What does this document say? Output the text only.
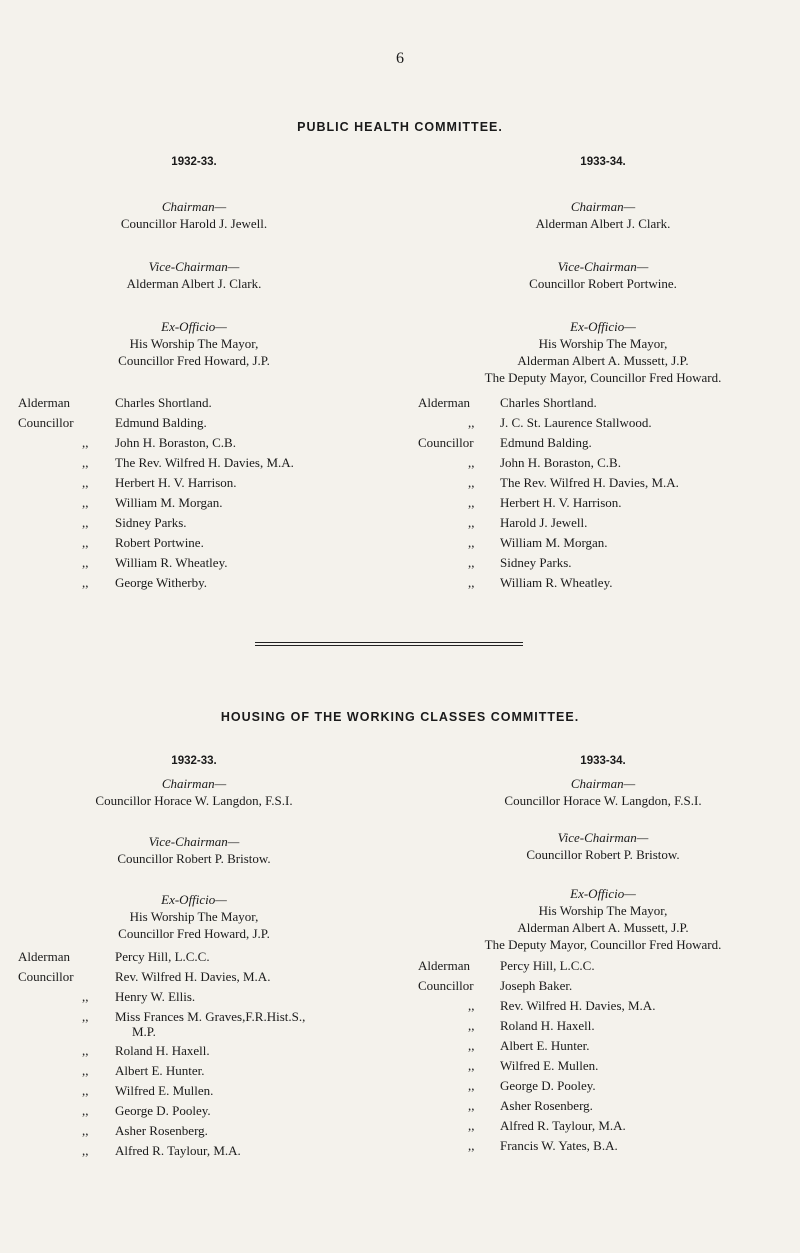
6
PUBLIC HEALTH COMMITTEE.
1932-33.
Chairman—
Councillor Harold J. Jewell.
Vice-Chairman—
Alderman Albert J. Clark.
Ex-Officio—
His Worship The Mayor,
Councillor Fred Howard, J.P.
Alderman	Charles Shortland.
Councillor	Edmund Balding.
,,	John H. Boraston, C.B.
,,	The Rev. Wilfred H. Davies, M.A.
,,	Herbert H. V. Harrison.
,,	William M. Morgan.
,,	Sidney Parks.
,,	Robert Portwine.
,,	William R. Wheatley.
,,	George Witherby.
1933-34.
Chairman—
Alderman Albert J. Clark.
Vice-Chairman—
Councillor Robert Portwine.
Ex-Officio—
His Worship The Mayor,
Alderman Albert A. Mussett, J.P.
The Deputy Mayor, Councillor Fred Howard.
Alderman Charles Shortland.
,,	J. C. St. Laurence Stallwood.
Councillor Edmund Balding.
,,	John H. Boraston, C.B.
,,	The Rev. Wilfred H. Davies, M.A.
,,	Herbert H. V. Harrison.
,,	Harold J. Jewell.
,,	William M. Morgan.
,,	Sidney Parks.
,,	William R. Wheatley.
HOUSING OF THE WORKING CLASSES COMMITTEE.
1932-33.
Chairman—
Councillor Horace W. Langdon, F.S.I.
Vice-Chairman—
Councillor Robert P. Bristow.
Ex-Officio—
His Worship The Mayor,
Councillor Fred Howard, J.P.
Alderman	Percy Hill, L.C.C.
Councillor	Rev. Wilfred H. Davies, M.A.
,,	Henry W. Ellis.
,,	Miss Frances M. Graves,F.R.Hist.S.,
M.P.
,,	Roland H. Haxell.
,,	Albert E. Hunter.
,,	Wilfred E. Mullen.
,,	George D. Pooley.
,,	Asher Rosenberg.
,,	Alfred R. Taylour, M.A.
1933-34.
Chairman—
Councillor Horace W. Langdon, F.S.I.
Vice-Chairman—
Councillor Robert P. Bristow.
Ex-Officio—
His Worship The Mayor,
Alderman Albert A. Mussett, J.P.
The Deputy Mayor, Councillor Fred Howard.
Alderman Percy Hill, L.C.C.
Councillor Joseph Baker.
,,	Rev. Wilfred H. Davies, M.A.
,,	Roland H. Haxell.
,,	Albert E. Hunter.
,,	Wilfred E. Mullen.
,,	George D. Pooley.
,,	Asher Rosenberg.
,,	Alfred R. Taylour, M.A.
,,	Francis W. Yates, B.A.
